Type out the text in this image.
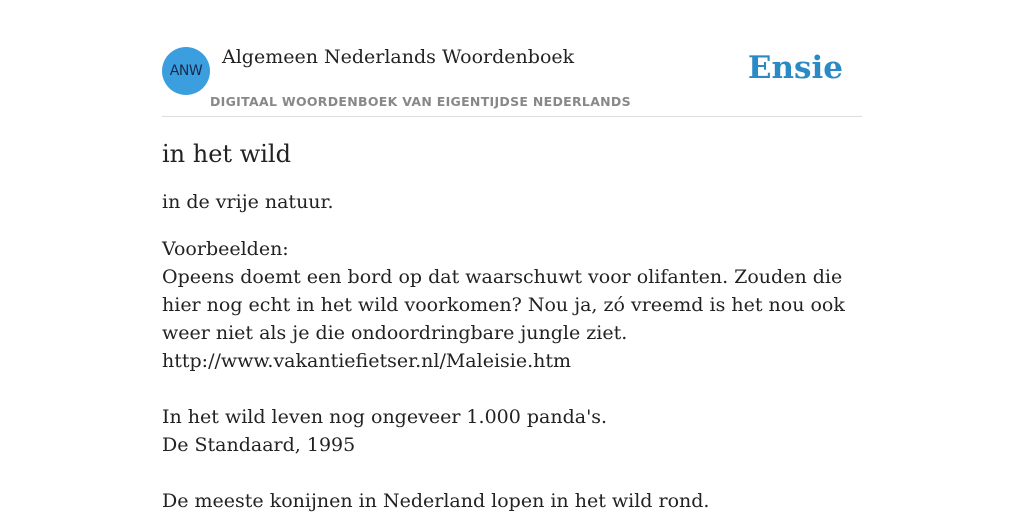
ANW
Algemeen Nederlands Woordenboek
DIGITAAL WOORDENBOEK VAN EIGENTIJDSE NEDERLANDS
Ensie
in het wild

in de vrije natuur.

Voorbeelden:
Opeens doemt een bord op dat waarschuwt voor olifanten. Zouden die hier nog echt in het wild voorkomen? Nou ja, zó vreemd is het nou ook weer niet als je die ondoordringbare jungle ziet.
http://www.vakantiefietser.nl/Maleisie.htm
In het wild leven nog ongeveer 1.000 panda's.
De Standaard, 1995
De meeste konijnen in Nederland lopen in het wild rond.
